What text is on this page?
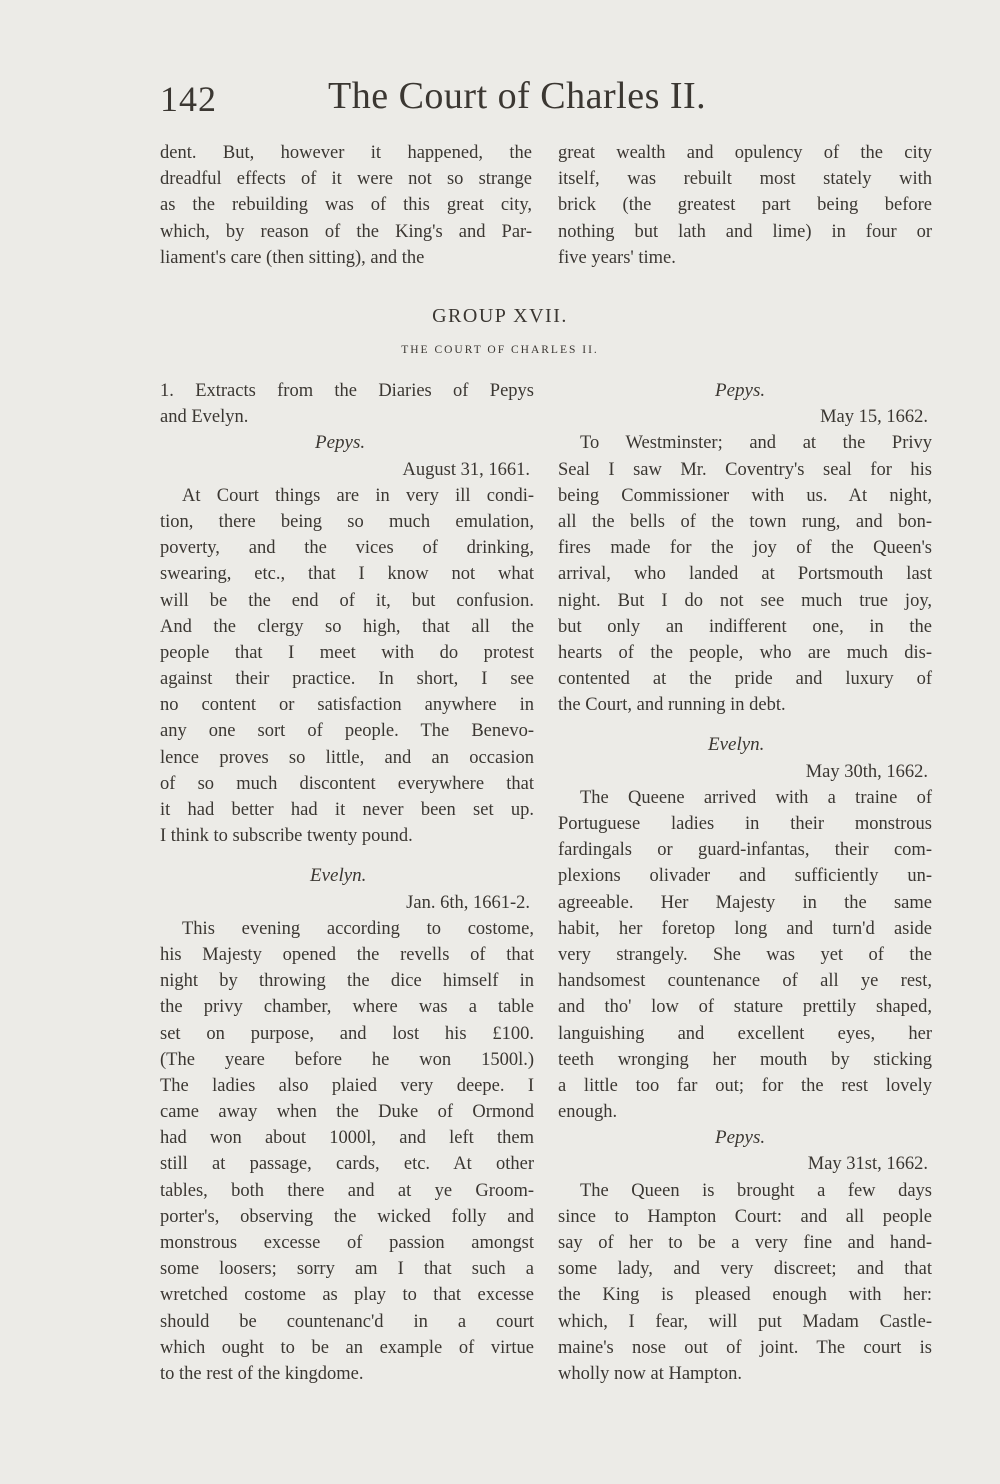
142	The Court of Charles II.
dent. But, however it happened, the
dreadful effects of it were not so strange
as the rebuilding was of this great city,
which, by reason of the King's and Par-
liament's care (then sitting), and the
great wealth and opulency of the city
itself, was rebuilt most stately with
brick (the greatest part being before
nothing but lath and lime) in four or
five years' time.
GROUP XVII.
THE COURT OF CHARLES II.
1. Extracts from the Diaries of Pepys
and Evelyn.
Pepys.
August 31, 1661.
At Court things are in very ill condi-
tion, there being so much emulation,
poverty, and the vices of drinking,
swearing, etc., that I know not what
will be the end of it, but confusion.
And the clergy so high, that all the
people that I meet with do protest
against their practice. In short, I see
no content or satisfaction anywhere in
any one sort of people. The Benevo-
lence proves so little, and an occasion
of so much discontent everywhere that
it had better had it never been set up.
I think to subscribe twenty pound.
Evelyn.
Jan. 6th, 1661-2.
This evening according to costome,
his Majesty opened the revells of that
night by throwing the dice himself in
the privy chamber, where was a table
set on purpose, and lost his £100.
(The yeare before he won 1500l.)
The ladies also plaied very deepe. I
came away when the Duke of Ormond
had won about 1000l, and left them
still at passage, cards, etc. At other
tables, both there and at ye Groom-
porter's, observing the wicked folly and
monstrous excesse of passion amongst
some loosers; sorry am I that such a
wretched costome as play to that excesse
should be countenanc'd in a court
which ought to be an example of virtue
to the rest of the kingdome.
Pepys.
May 15, 1662.
To Westminster; and at the Privy
Seal I saw Mr. Coventry's seal for his
being Commissioner with us. At night,
all the bells of the town rung, and bon-
fires made for the joy of the Queen's
arrival, who landed at Portsmouth last
night. But I do not see much true joy,
but only an indifferent one, in the
hearts of the people, who are much dis-
contented at the pride and luxury of
the Court, and running in debt.
Evelyn.
May 30th, 1662.
The Queene arrived with a traine of
Portuguese ladies in their monstrous
fardingals or guard-infantas, their com-
plexions olivader and sufficiently un-
agreeable. Her Majesty in the same
habit, her foretop long and turn'd aside
very strangely. She was yet of the
handsomest countenance of all ye rest,
and tho' low of stature prettily shaped,
languishing and excellent eyes, her
teeth wronging her mouth by sticking
a little too far out; for the rest lovely
enough.
Pepys.
May 31st, 1662.
The Queen is brought a few days
since to Hampton Court: and all people
say of her to be a very fine and hand-
some lady, and very discreet; and that
the King is pleased enough with her:
which, I fear, will put Madam Castle-
maine's nose out of joint. The court is
wholly now at Hampton.
